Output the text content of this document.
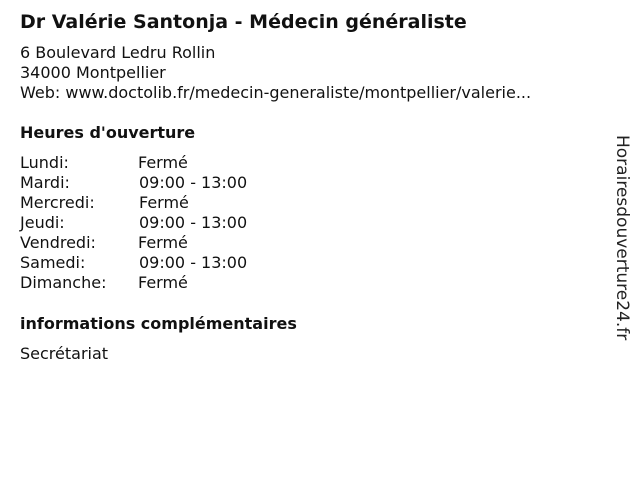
Dr Valérie Santonja - Médecin généraliste
6 Boulevard Ledru Rollin
34000 Montpellier
Web: www.doctolib.fr/medecin-generaliste/montpellier/valerie...
Heures d'ouverture
Lundi:	Fermé
Mardi:	09:00 - 13:00
Mercredi:	Fermé
Jeudi:	09:00 - 13:00
Vendredi:	Fermé
Samedi:	09:00 - 13:00
Dimanche: Fermé
informations complémentaires
Secrétariat
Horairesdouverture24.fr
